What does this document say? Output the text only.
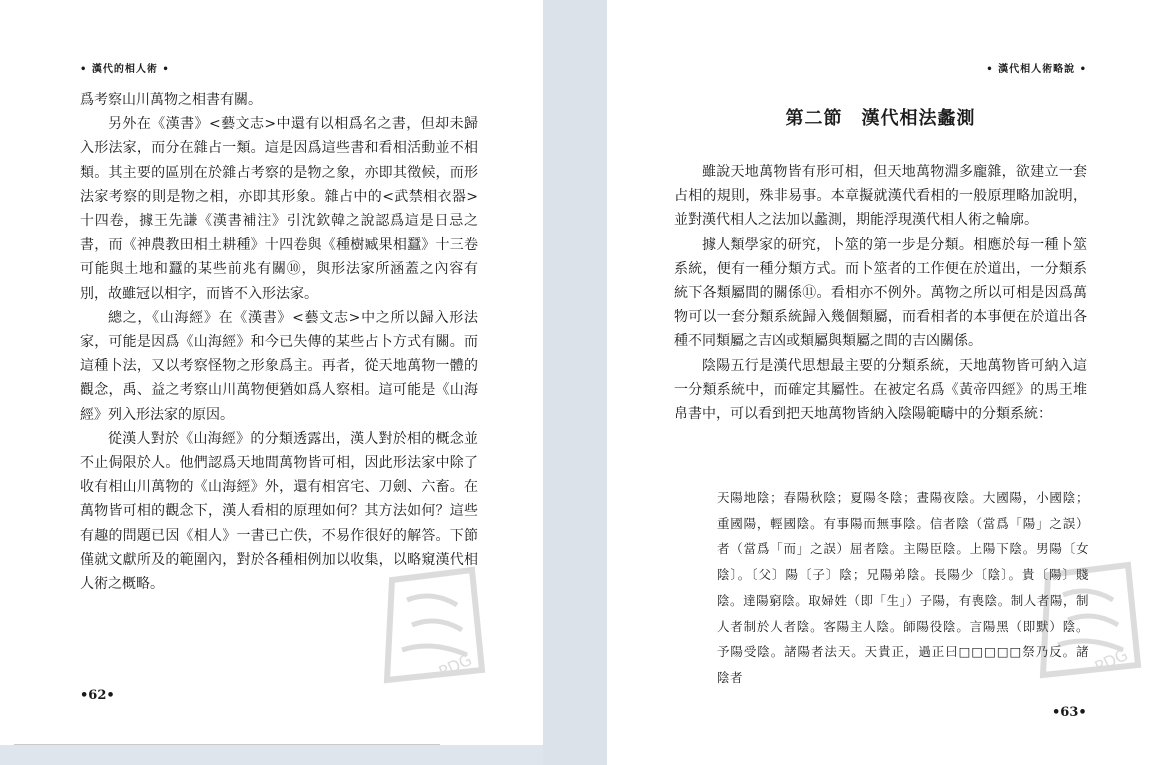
• 漢代的相人術 •

爲考察山川萬物之相書有關。

另外在《漢書》<藝文志>中還有以相爲名之書，但却未歸入形法家，而分在雜占一類。這是因爲這些書和看相活動並不相類。其主要的區別在於雜占考察的是物之象，亦即其徵候，而形法家考察的則是物之相，亦即其形象。雜占中的<武禁相衣器>十四卷，據王先謙《漢書補注》引沈欽韓之說認爲這是日忌之書，而《神農教田相土耕種》十四卷與《種樹臧果相蠶》十三卷可能與土地和蠶的某些前兆有關⑩，與形法家所涵蓋之內容有別，故雖冠以相字，而皆不入形法家。

總之，《山海經》在《漢書》<藝文志>中之所以歸入形法家，可能是因爲《山海經》和今已失傳的某些占卜方式有關。而這種卜法，又以考察怪物之形象爲主。再者，從天地萬物一體的觀念，禹、益之考察山川萬物便猶如爲人察相。這可能是《山海經》列入形法家的原因。

從漢人對於《山海經》的分類透露出，漢人對於相的概念並不止侷限於人。他們認爲天地間萬物皆可相，因此形法家中除了收有相山川萬物的《山海經》外，還有相宮宅、刀劍、六畜。在萬物皆可相的觀念下，漢人看相的原理如何？其方法如何？這些有趣的問題已因《相人》一書已亡佚，不易作很好的解答。下節僅就文獻所及的範圍內，對於各種相例加以收集，以略窺漢代相人術之概略。

•62•
PDG
• 漢代相人術略說 •
第二節　漢代相法蠡測

雖說天地萬物皆有形可相，但天地萬物淵多龐雜，欲建立一套占相的規則，殊非易事。本章擬就漢代看相的一般原理略加說明，並對漢代相人之法加以蠡測，期能浮現漢代相人術之輪廓。

據人類學家的研究，卜筮的第一步是分類。相應於每一種卜筮系統，便有一種分類方式。而卜筮者的工作便在於道出，一分類系統下各類屬間的關係⑪。看相亦不例外。萬物之所以可相是因爲萬物可以一套分類系統歸入幾個類屬，而看相者的本事便在於道出各種不同類屬之吉凶或類屬與類屬之間的吉凶關係。

陰陽五行是漢代思想最主要的分類系統，天地萬物皆可納入這一分類系統中，而確定其屬性。在被定名爲《黃帝四經》的馬王堆帛書中，可以看到把天地萬物皆納入陰陽範疇中的分類系統：

天陽地陰；春陽秋陰；夏陽冬陰；晝陽夜陰。大國陽，小國陰；重國陽，輕國陰。有事陽而無事陰。信者陰（當爲「陽」之誤）者（當爲「而」之誤）屈者陰。主陽臣陰。上陽下陰。男陽〔女陰〕。〔父〕陽〔子〕陰；兄陽弟陰。長陽少〔陰〕。貴〔陽〕賤陰。達陽窮陰。取婦姓（即「生」）子陽，有喪陰。制人者陽，制人者制於人者陰。客陽主人陰。師陽役陰。言陽黑（即默）陰。予陽受陰。諸陽者法天。天貴正，過正曰□□□□□祭乃反。諸陰者

•63•
PDG
